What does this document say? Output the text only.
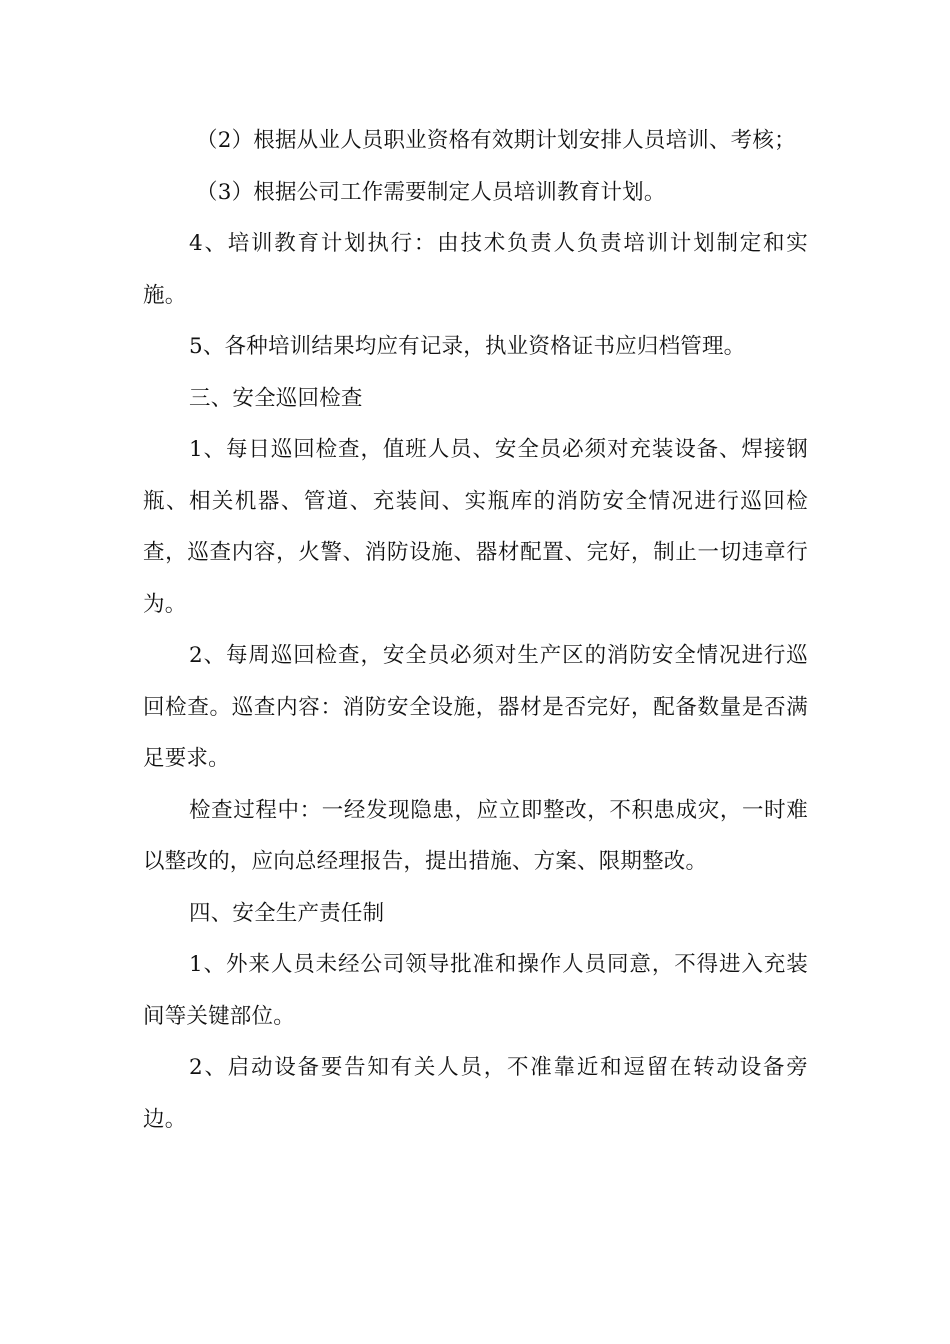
（2）根据从业人员职业资格有效期计划安排人员培训、考核；

（3）根据公司工作需要制定人员培训教育计划。

4、培训教育计划执行：由技术负责人负责培训计划制定和实施。

5、各种培训结果均应有记录，执业资格证书应归档管理。

三、安全巡回检查

1、每日巡回检查，值班人员、安全员必须对充装设备、焊接钢瓶、相关机器、管道、充装间、实瓶库的消防安全情况进行巡回检查，巡查内容，火警、消防设施、器材配置、完好，制止一切违章行为。

2、每周巡回检查，安全员必须对生产区的消防安全情况进行巡回检查。巡查内容：消防安全设施，器材是否完好，配备数量是否满足要求。

检查过程中：一经发现隐患，应立即整改，不积患成灾，一时难以整改的，应向总经理报告，提出措施、方案、限期整改。

四、安全生产责任制

1、外来人员未经公司领导批准和操作人员同意，不得进入充装间等关键部位。

2、启动设备要告知有关人员，不准靠近和逗留在转动设备旁边。
